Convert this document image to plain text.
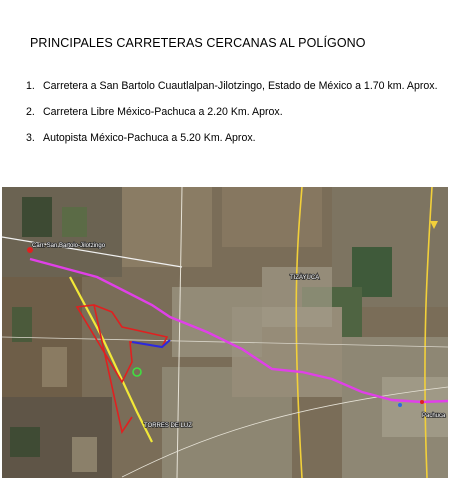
PRINCIPALES CARRETERAS CERCANAS AL POLÍGONO
1. Carretera a San Bartolo Cuautlalpan-Jilotzingo, Estado de México a 1.70 km. Aprox.
2. Carretera Libre México-Pachuca a 2.20 Km. Aprox.
3. Autopista México-Pachuca a 5.20 Km. Aprox.
Carr. San Bartolo-Jilotzingo
TORRES DE LUZ
TIZAYUCA
Pachuca
